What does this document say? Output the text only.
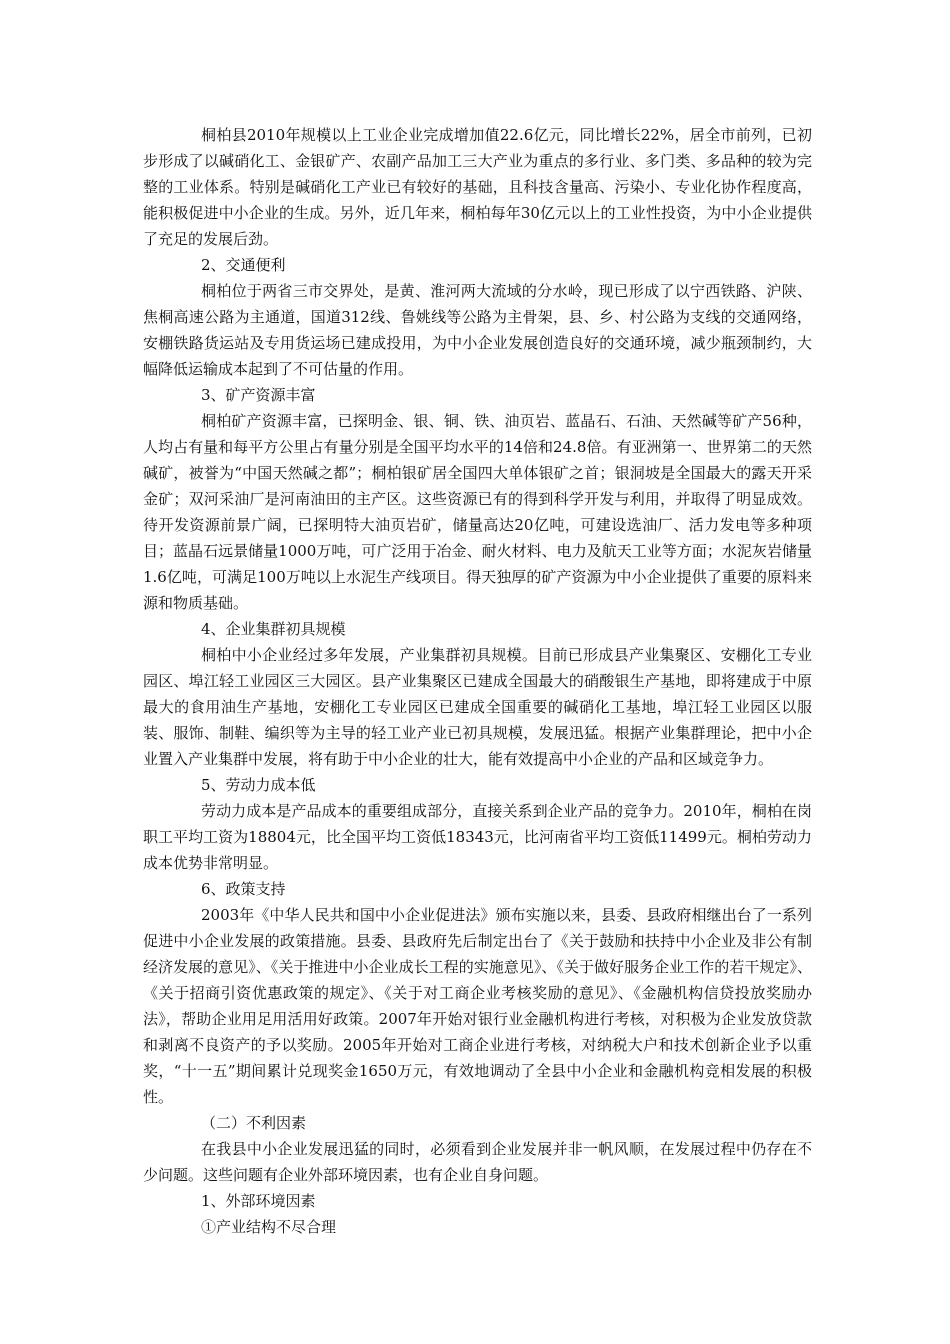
桐柏县2010年规模以上工业企业完成增加值22.6亿元，同比增长22%，居全市前列，已初步形成了以碱硝化工、金银矿产、农副产品加工三大产业为重点的多行业、多门类、多品种的较为完整的工业体系。特别是碱硝化工产业已有较好的基础，且科技含量高、污染小、专业化协作程度高，能积极促进中小企业的生成。另外，近几年来，桐柏每年30亿元以上的工业性投资，为中小企业提供了充足的发展后劲。

2、交通便利

桐柏位于两省三市交界处，是黄、淮河两大流域的分水岭，现已形成了以宁西铁路、沪陕、焦桐高速公路为主通道，国道312线、鲁姚线等公路为主骨架，县、乡、村公路为支线的交通网络，安棚铁路货运站及专用货运场已建成投用，为中小企业发展创造良好的交通环境，减少瓶颈制约，大幅降低运输成本起到了不可估量的作用。

3、矿产资源丰富

桐柏矿产资源丰富，已探明金、银、铜、铁、油页岩、蓝晶石、石油、天然碱等矿产56种，人均占有量和每平方公里占有量分别是全国平均水平的14倍和24.8倍。有亚洲第一、世界第二的天然碱矿，被誉为“中国天然碱之都”；桐柏银矿居全国四大单体银矿之首；银洞坡是全国最大的露天开采金矿；双河采油厂是河南油田的主产区。这些资源已有的得到科学开发与利用，并取得了明显成效。待开发资源前景广阔，已探明特大油页岩矿，储量高达20亿吨，可建设选油厂、活力发电等多种项目；蓝晶石远景储量1000万吨，可广泛用于冶金、耐火材料、电力及航天工业等方面；水泥灰岩储量1.6亿吨，可满足100万吨以上水泥生产线项目。得天独厚的矿产资源为中小企业提供了重要的原料来源和物质基础。

4、企业集群初具规模

桐柏中小企业经过多年发展，产业集群初具规模。目前已形成县产业集聚区、安棚化工专业园区、埠江轻工业园区三大园区。县产业集聚区已建成全国最大的硝酸银生产基地，即将建成于中原最大的食用油生产基地，安棚化工专业园区已建成全国重要的碱硝化工基地，埠江轻工业园区以服装、服饰、制鞋、编织等为主导的轻工业产业已初具规模，发展迅猛。根据产业集群理论，把中小企业置入产业集群中发展，将有助于中小企业的壮大，能有效提高中小企业的产品和区域竞争力。

5、劳动力成本低

劳动力成本是产品成本的重要组成部分，直接关系到企业产品的竞争力。2010年，桐柏在岗职工平均工资为18804元，比全国平均工资低18343元，比河南省平均工资低11499元。桐柏劳动力成本优势非常明显。

6、政策支持

2003年《中华人民共和国中小企业促进法》颁布实施以来，县委、县政府相继出台了一系列促进中小企业发展的政策措施。县委、县政府先后制定出台了《关于鼓励和扶持中小企业及非公有制经济发展的意见》、《关于推进中小企业成长工程的实施意见》、《关于做好服务企业工作的若干规定》、《关于招商引资优惠政策的规定》、《关于对工商企业考核奖励的意见》、《金融机构信贷投放奖励办法》，帮助企业用足用活用好政策。2007年开始对银行业金融机构进行考核，对积极为企业发放贷款和剥离不良资产的予以奖励。2005年开始对工商企业进行考核，对纳税大户和技术创新企业予以重奖，“十一五”期间累计兑现奖金1650万元，有效地调动了全县中小企业和金融机构竞相发展的积极性。

（二）不利因素

在我县中小企业发展迅猛的同时，必须看到企业发展并非一帆风顺，在发展过程中仍存在不少问题。这些问题有企业外部环境因素，也有企业自身问题。

1、外部环境因素

①产业结构不尽合理
